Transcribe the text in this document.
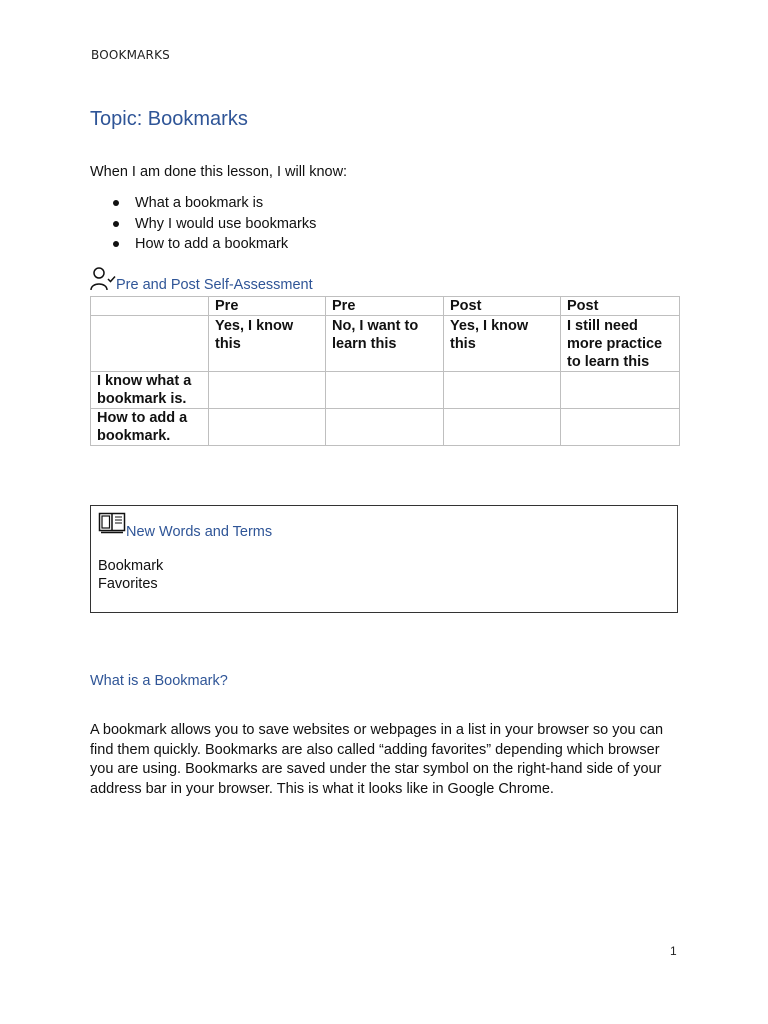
BOOKMARKS
Topic: Bookmarks
When I am done this lesson, I will know:
What a bookmark is
Why I would use bookmarks
How to add a bookmark
Pre and Post Self-Assessment
	Pre	Pre	Post	Post
	Yes, I know this	No, I want to learn this	Yes, I know this	I still need more practice to learn this
I know what a bookmark is.				
How to add a bookmark.				
New Words and Terms
Bookmark
Favorites
What is a Bookmark?
A bookmark allows you to save websites or webpages in a list in your browser so you can find them quickly. Bookmarks are also called “adding favorites” depending which browser you are using. Bookmarks are saved under the star symbol on the right-hand side of your address bar in your browser. This is what it looks like in Google Chrome.
1
